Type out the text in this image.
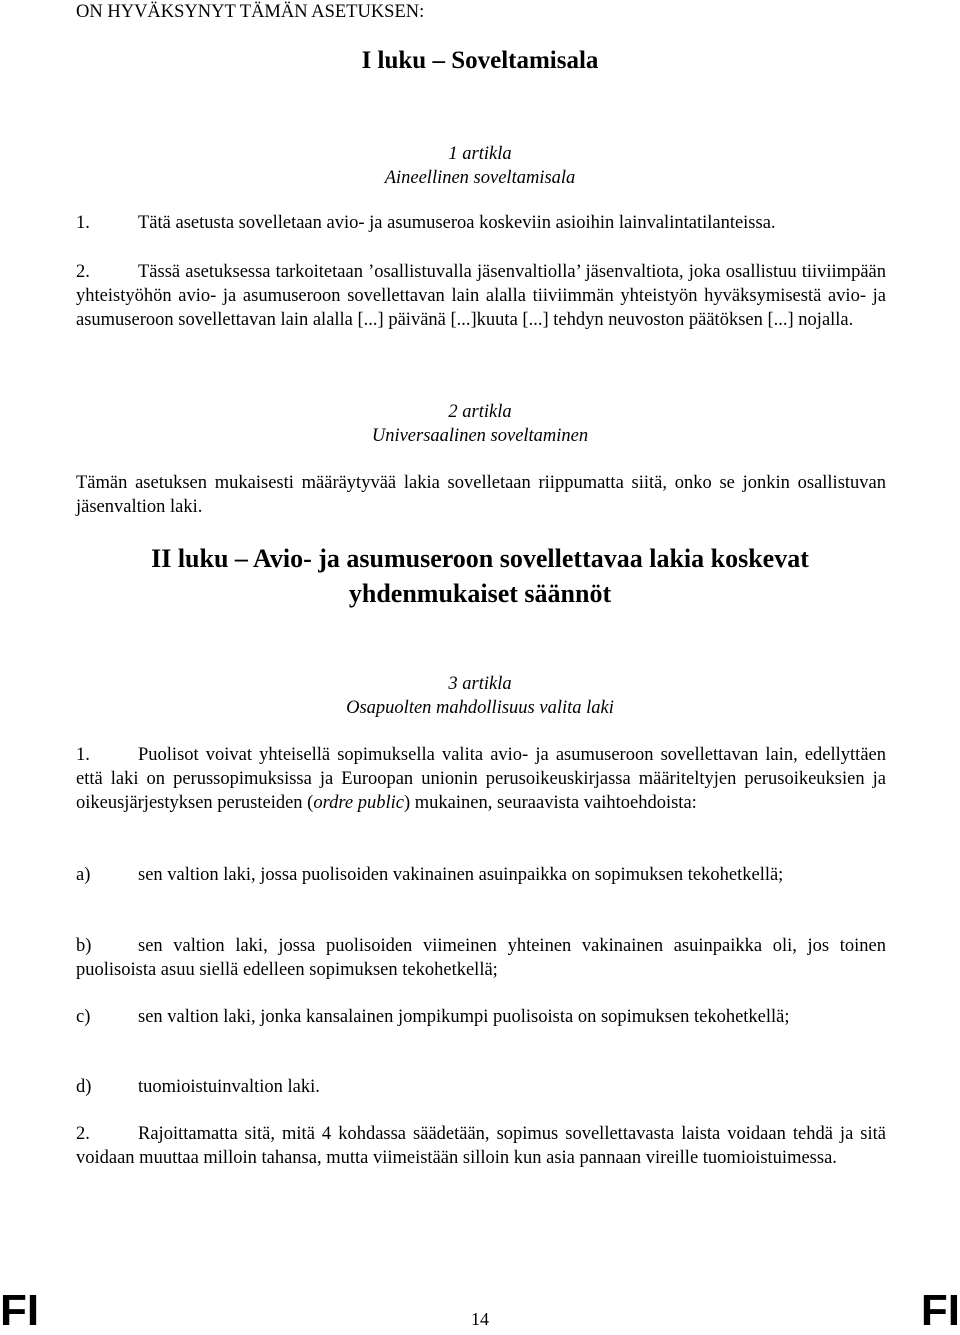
ON HYVÄKSYNYT TÄMÄN ASETUKSEN:
I luku – Soveltamisala
1 artikla
Aineellinen soveltamisala
1.	Tätä asetusta sovelletaan avio- ja asumuseroa koskeviin asioihin lainvalintatilanteissa.
2.	Tässä asetuksessa tarkoitetaan ’osallistuvalla jäsenvaltiolla’ jäsenvaltiota, joka osallistuu tiiviimpään yhteistyöhön avio- ja asumuseroon sovellettavan lain alalla tiiviimmän yhteistyön hyväksymisestä avio- ja asumuseroon sovellettavan lain alalla [...] päivänä [...]kuuta [...] tehdyn neuvoston päätöksen [...] nojalla.
2 artikla
Universaalinen soveltaminen
Tämän asetuksen mukaisesti määräytyvää lakia sovelletaan riippumatta siitä, onko se jonkin osallistuvan jäsenvaltion laki.
II luku – Avio- ja asumuseroon sovellettavaa lakia koskevat
yhdenmukaiset säännöt
3 artikla
Osapuolten mahdollisuus valita laki
1.	Puolisot voivat yhteisellä sopimuksella valita avio- ja asumuseroon sovellettavan lain, edellyttäen että laki on perussopimuksissa ja Euroopan unionin perusoikeuskirjassa määriteltyjen perusoikeuksien ja oikeusjärjestyksen perusteiden (ordre public) mukainen, seuraavista vaihtoehdoista:
a)	sen valtion laki, jossa puolisoiden vakinainen asuinpaikka on sopimuksen tekohetkellä;
b)	sen valtion laki, jossa puolisoiden viimeinen yhteinen vakinainen asuinpaikka oli, jos toinen puolisoista asuu siellä edelleen sopimuksen tekohetkellä;
c)	sen valtion laki, jonka kansalainen jompikumpi puolisoista on sopimuksen tekohetkellä;
d)	tuomioistuinvaltion laki.
2.	Rajoittamatta sitä, mitä 4 kohdassa säädetään, sopimus sovellettavasta laista voidaan tehdä ja sitä voidaan muuttaa milloin tahansa, mutta viimeistään silloin kun asia pannaan vireille tuomioistuimessa.
FI	14	FI
